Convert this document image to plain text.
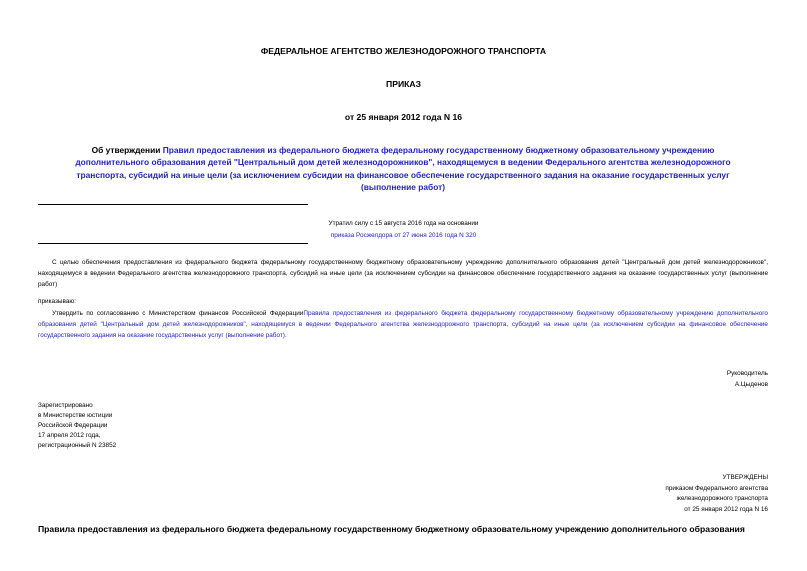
ФЕДЕРАЛЬНОЕ АГЕНТСТВО ЖЕЛЕЗНОДОРОЖНОГО ТРАНСПОРТА
ПРИКАЗ
от 25 января 2012 года N 16
Об утверждении Правил предоставления из федерального бюджета федеральному государственному бюджетному образовательному учреждению дополнительного образования детей "Центральный дом детей железнодорожников", находящемуся в ведении Федерального агентства железнодорожного транспорта, субсидий на иные цели (за исключением субсидии на финансовое обеспечение государственного задания на оказание государственных услуг (выполнение работ)
Утратил силу с 15 августа 2016 года на основании
приказа Росжелдора от 27 июня 2016 года N 320
С целью обеспечения предоставления из федерального бюджета федеральному государственному бюджетному образовательному учреждению дополнительного образования детей "Центральный дом детей железнодорожников", находящемуся в ведении Федерального агентства железнодорожного транспорта, субсидий на иные цели (за исключением субсидии на финансовое обеспечение государственного задания на оказание государственных услуг (выполнение работ)
приказываю:
Утвердить по согласованию с Министерством финансов Российской ФедерацииПравила предоставления из федерального бюджета федеральному государственному бюджетному образовательному учреждению дополнительного образования детей "Центральный дом детей железнодорожников", находящемуся в ведении Федерального агентства железнодорожного транспорта, субсидий на иные цели (за исключением субсидии на финансовое обеспечение государственного задания на оказание государственных услуг (выполнение работ).
Руководитель
А.Цыденов
Зарегистрировано
в Министерстве юстиции
Российской Федерации
17 апреля 2012 года,
регистрационный N 23852
УТВЕРЖДЕНЫ
приказом Федерального агентства
железнодорожного транспорта
от 25 января 2012 года N 16
Правила предоставления из федерального бюджета федеральному государственному бюджетному образовательному учреждению дополнительного образования
